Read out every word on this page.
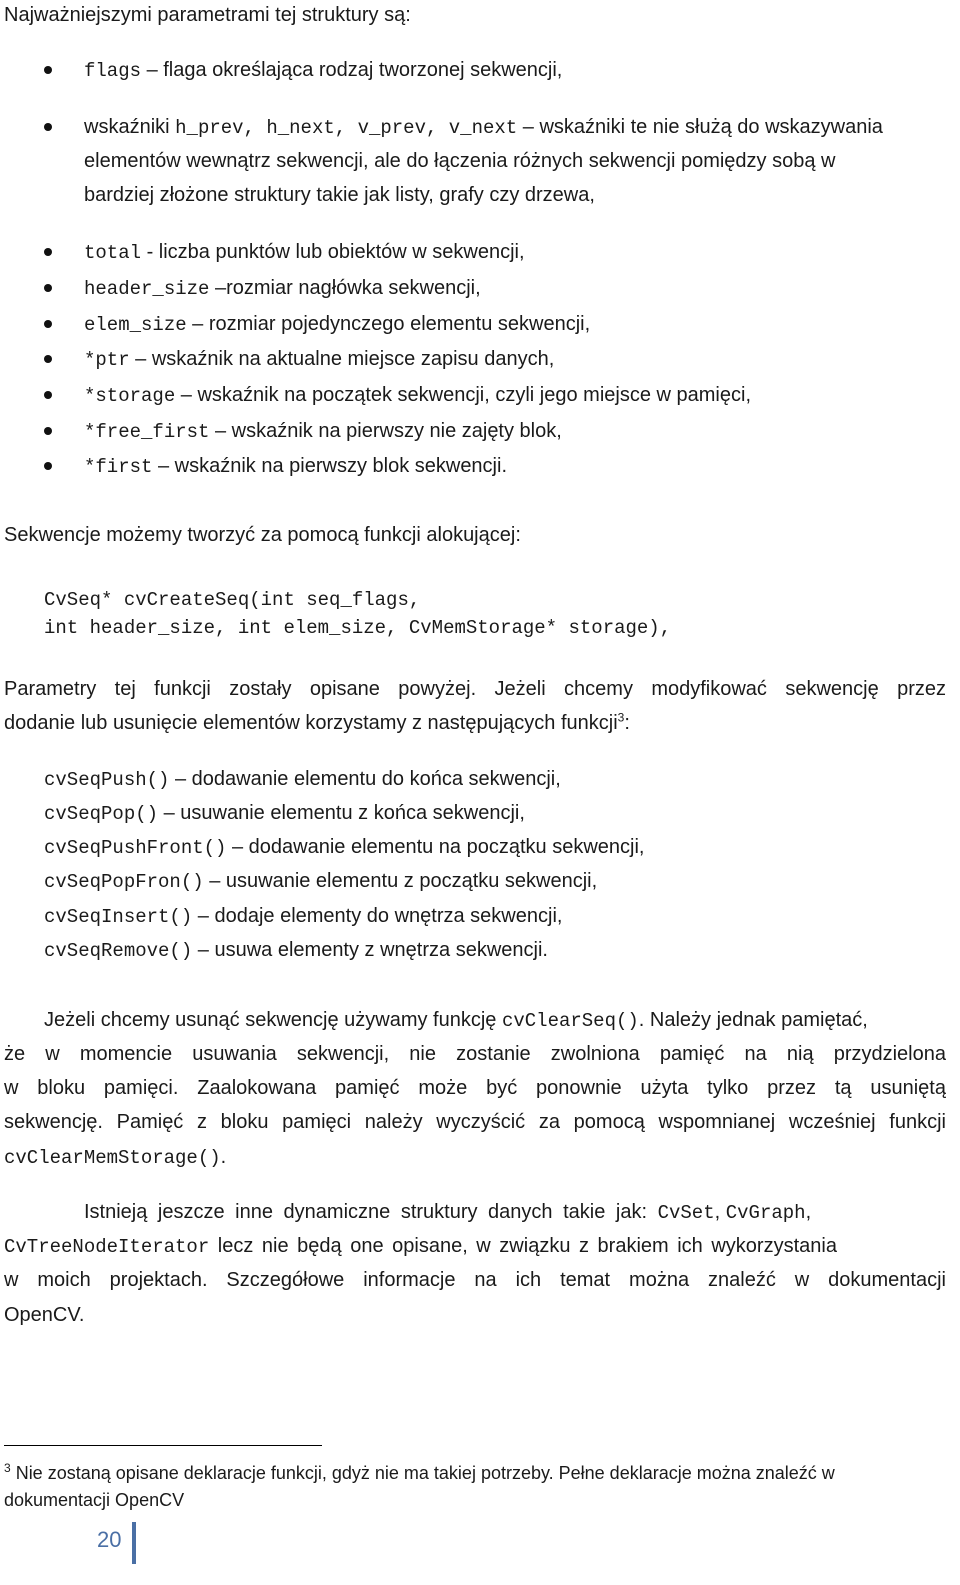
Najważniejszymi parametrami tej struktury są:
flags – flaga określająca rodzaj tworzonej sekwencji,
wskaźniki h_prev, h_next, v_prev, v_next – wskaźniki te nie służą do wskazywania
elementów wewnątrz sekwencji, ale do łączenia różnych sekwencji pomiędzy sobą w
bardziej złożone struktury takie jak listy, grafy czy drzewa,
total - liczba punktów lub obiektów w sekwencji,
header_size –rozmiar nagłówka sekwencji,
elem_size – rozmiar pojedynczego elementu sekwencji,
*ptr – wskaźnik na aktualne miejsce zapisu danych,
*storage – wskaźnik na początek sekwencji, czyli jego miejsce w pamięci,
*free_first – wskaźnik na pierwszy nie zajęty blok,
*first – wskaźnik na pierwszy blok sekwencji.
Sekwencje możemy tworzyć za pomocą funkcji alokującej:
CvSeq* cvCreateSeq(int seq_flags,
int header_size, int elem_size, CvMemStorage* storage),
Parametry tej funkcji zostały opisane powyżej. Jeżeli chcemy modyfikować sekwencję przez
dodanie lub usunięcie elementów korzystamy z następujących funkcji$^3$:
cvSeqPush() – dodawanie elementu do końca sekwencji,
cvSeqPop() – usuwanie elementu z końca sekwencji,
cvSeqPushFront() – dodawanie elementu na początku sekwencji,
cvSeqPopFron() – usuwanie elementu z początku sekwencji,
cvSeqInsert() – dodaje elementy do wnętrza sekwencji,
cvSeqRemove() – usuwa elementy z wnętrza sekwencji.
Jeżeli chcemy usunąć sekwencję używamy funkcję cvClearSeq(). Należy jednak pamiętać,
że w momencie usuwania sekwencji, nie zostanie zwolniona pamięć na nią przydzielona
w bloku pamięci. Zaalokowana pamięć może być ponownie użyta tylko przez tą usuniętą
sekwencję. Pamięć z bloku pamięci należy wyczyścić za pomocą wspomnianej wcześniej funkcji
cvClearMemStorage().
Istnieją jeszcze inne dynamiczne struktury danych takie jak: CvSet, CvGraph,
CvTreeNodeIterator lecz nie będą one opisane, w związku z brakiem ich wykorzystania
w moich projektach. Szczegółowe informacje na ich temat można znaleźć w dokumentacji
OpenCV.
$^3$ Nie zostaną opisane deklaracje funkcji, gdyż nie ma takiej potrzeby. Pełne deklaracje można znaleźć w
dokumentacji OpenCV
20
